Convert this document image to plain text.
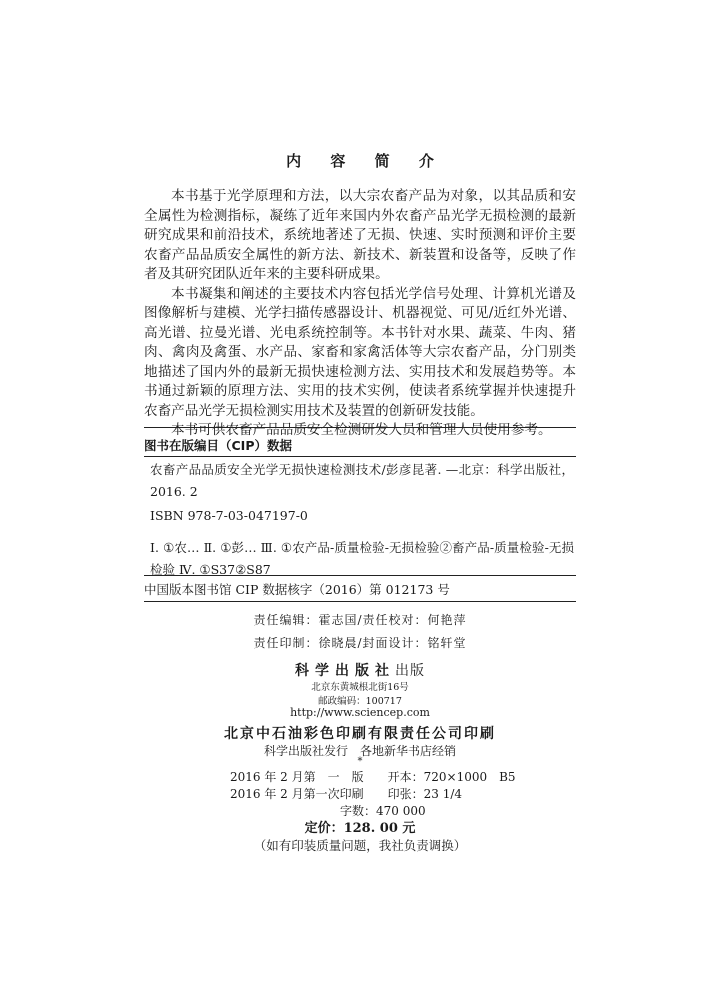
内 容 简 介

本书基于光学原理和方法，以大宗农畜产品为对象，以其品质和安全属性为检测指标，凝练了近年来国内外农畜产品光学无损检测的最新研究成果和前沿技术，系统地著述了无损、快速、实时预测和评价主要农畜产品品质安全属性的新方法、新技术、新装置和设备等，反映了作者及其研究团队近年来的主要科研成果。

本书凝集和阐述的主要技术内容包括光学信号处理、计算机光谱及图像解析与建模、光学扫描传感器设计、机器视觉、可见/近红外光谱、高光谱、拉曼光谱、光电系统控制等。本书针对水果、蔬菜、牛肉、猪肉、禽肉及禽蛋、水产品、家畜和家禽活体等大宗农畜产品，分门别类地描述了国内外的最新无损快速检测方法、实用技术和发展趋势等。本书通过新颖的原理方法、实用的技术实例，使读者系统掌握并快速提升农畜产品光学无损检测实用技术及装置的创新研发技能。

本书可供农畜产品品质安全检测研发人员和管理人员使用参考。

图书在版编目（CIP）数据
农畜产品品质安全光学无损快速检测技术/彭彦昆著. —北京：科学出版社，2016. 2
ISBN 978-7-03-047197-0
Ⅰ. ①农… Ⅱ. ①彭… Ⅲ. ①农产品-质量检验-无损检验②畜产品-质量检验-无损检验 Ⅳ. ①S37②S87
中国版本图书馆 CIP 数据核字（2016）第 012173 号
责任编辑：霍志国/责任校对：何艳萍
责任印制：徐晓晨/封面设计：铭轩堂
科学出版社出版
北京东黄城根北街16号
邮政编码：100717
http://www.sciencep.com
北京中石油彩色印刷有限责任公司印刷
科学出版社发行　各地新华书店经销
*
2016 年 2 月第　一　版　　开本：720×1000　B5
2016 年 2 月第一次印刷　　印张：23 1/4
字数：470 000
定价：128. 00 元
（如有印装质量问题，我社负责调换）
